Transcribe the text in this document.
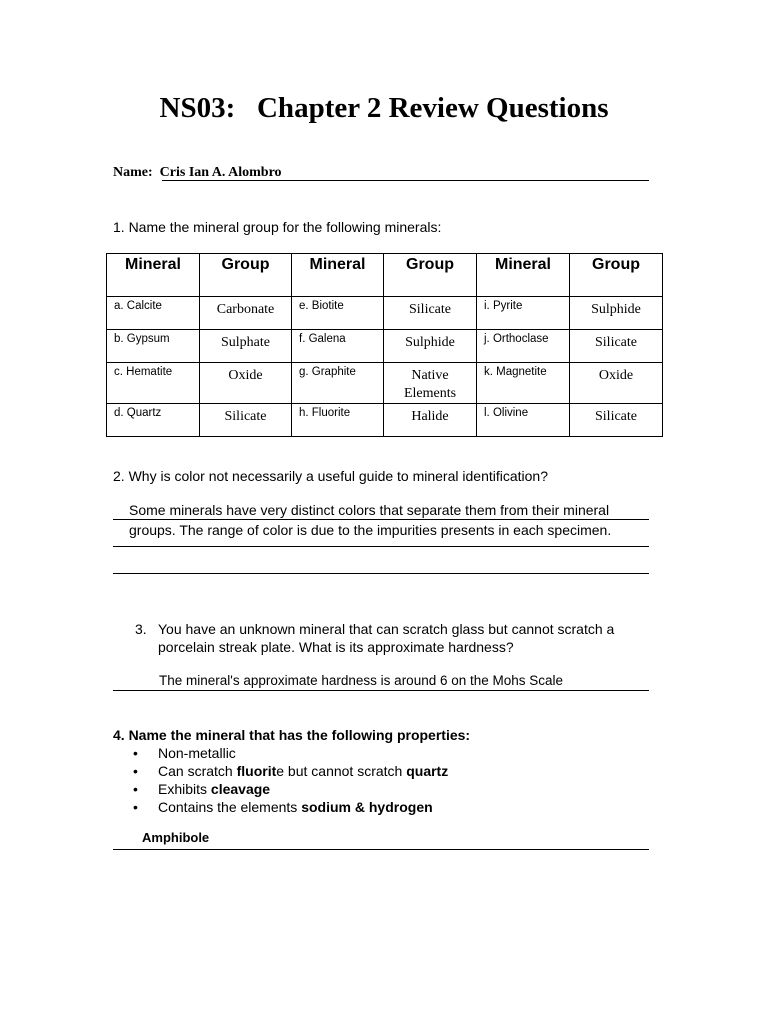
NS03:   Chapter 2 Review Questions
Name: Cris Ian A. Alombro
1. Name the mineral group for the following minerals:
Mineral	Group	Mineral	Group	Mineral	Group
a. Calcite	Carbonate	e. Biotite	Silicate	i. Pyrite	Sulphide
b. Gypsum	Sulphate	f. Galena	Sulphide	j. Orthoclase	Silicate
c. Hematite	Oxide	g. Graphite	Native Elements	k. Magnetite	Oxide
d. Quartz	Silicate	h. Fluorite	Halide	l. Olivine	Silicate
2. Why is color not necessarily a useful guide to mineral identification?
Some minerals have very distinct colors that separate them from their mineral
groups. The range of color is due to the impurities presents in each specimen.
3. You have an unknown mineral that can scratch glass but cannot scratch a
porcelain streak plate. What is its approximate hardness?
The mineral's approximate hardness is around 6 on the Mohs Scale
4. Name the mineral that has the following properties:
• Non-metallic
• Can scratch fluorite but cannot scratch quartz
• Exhibits cleavage
• Contains the elements sodium & hydrogen
Amphibole
